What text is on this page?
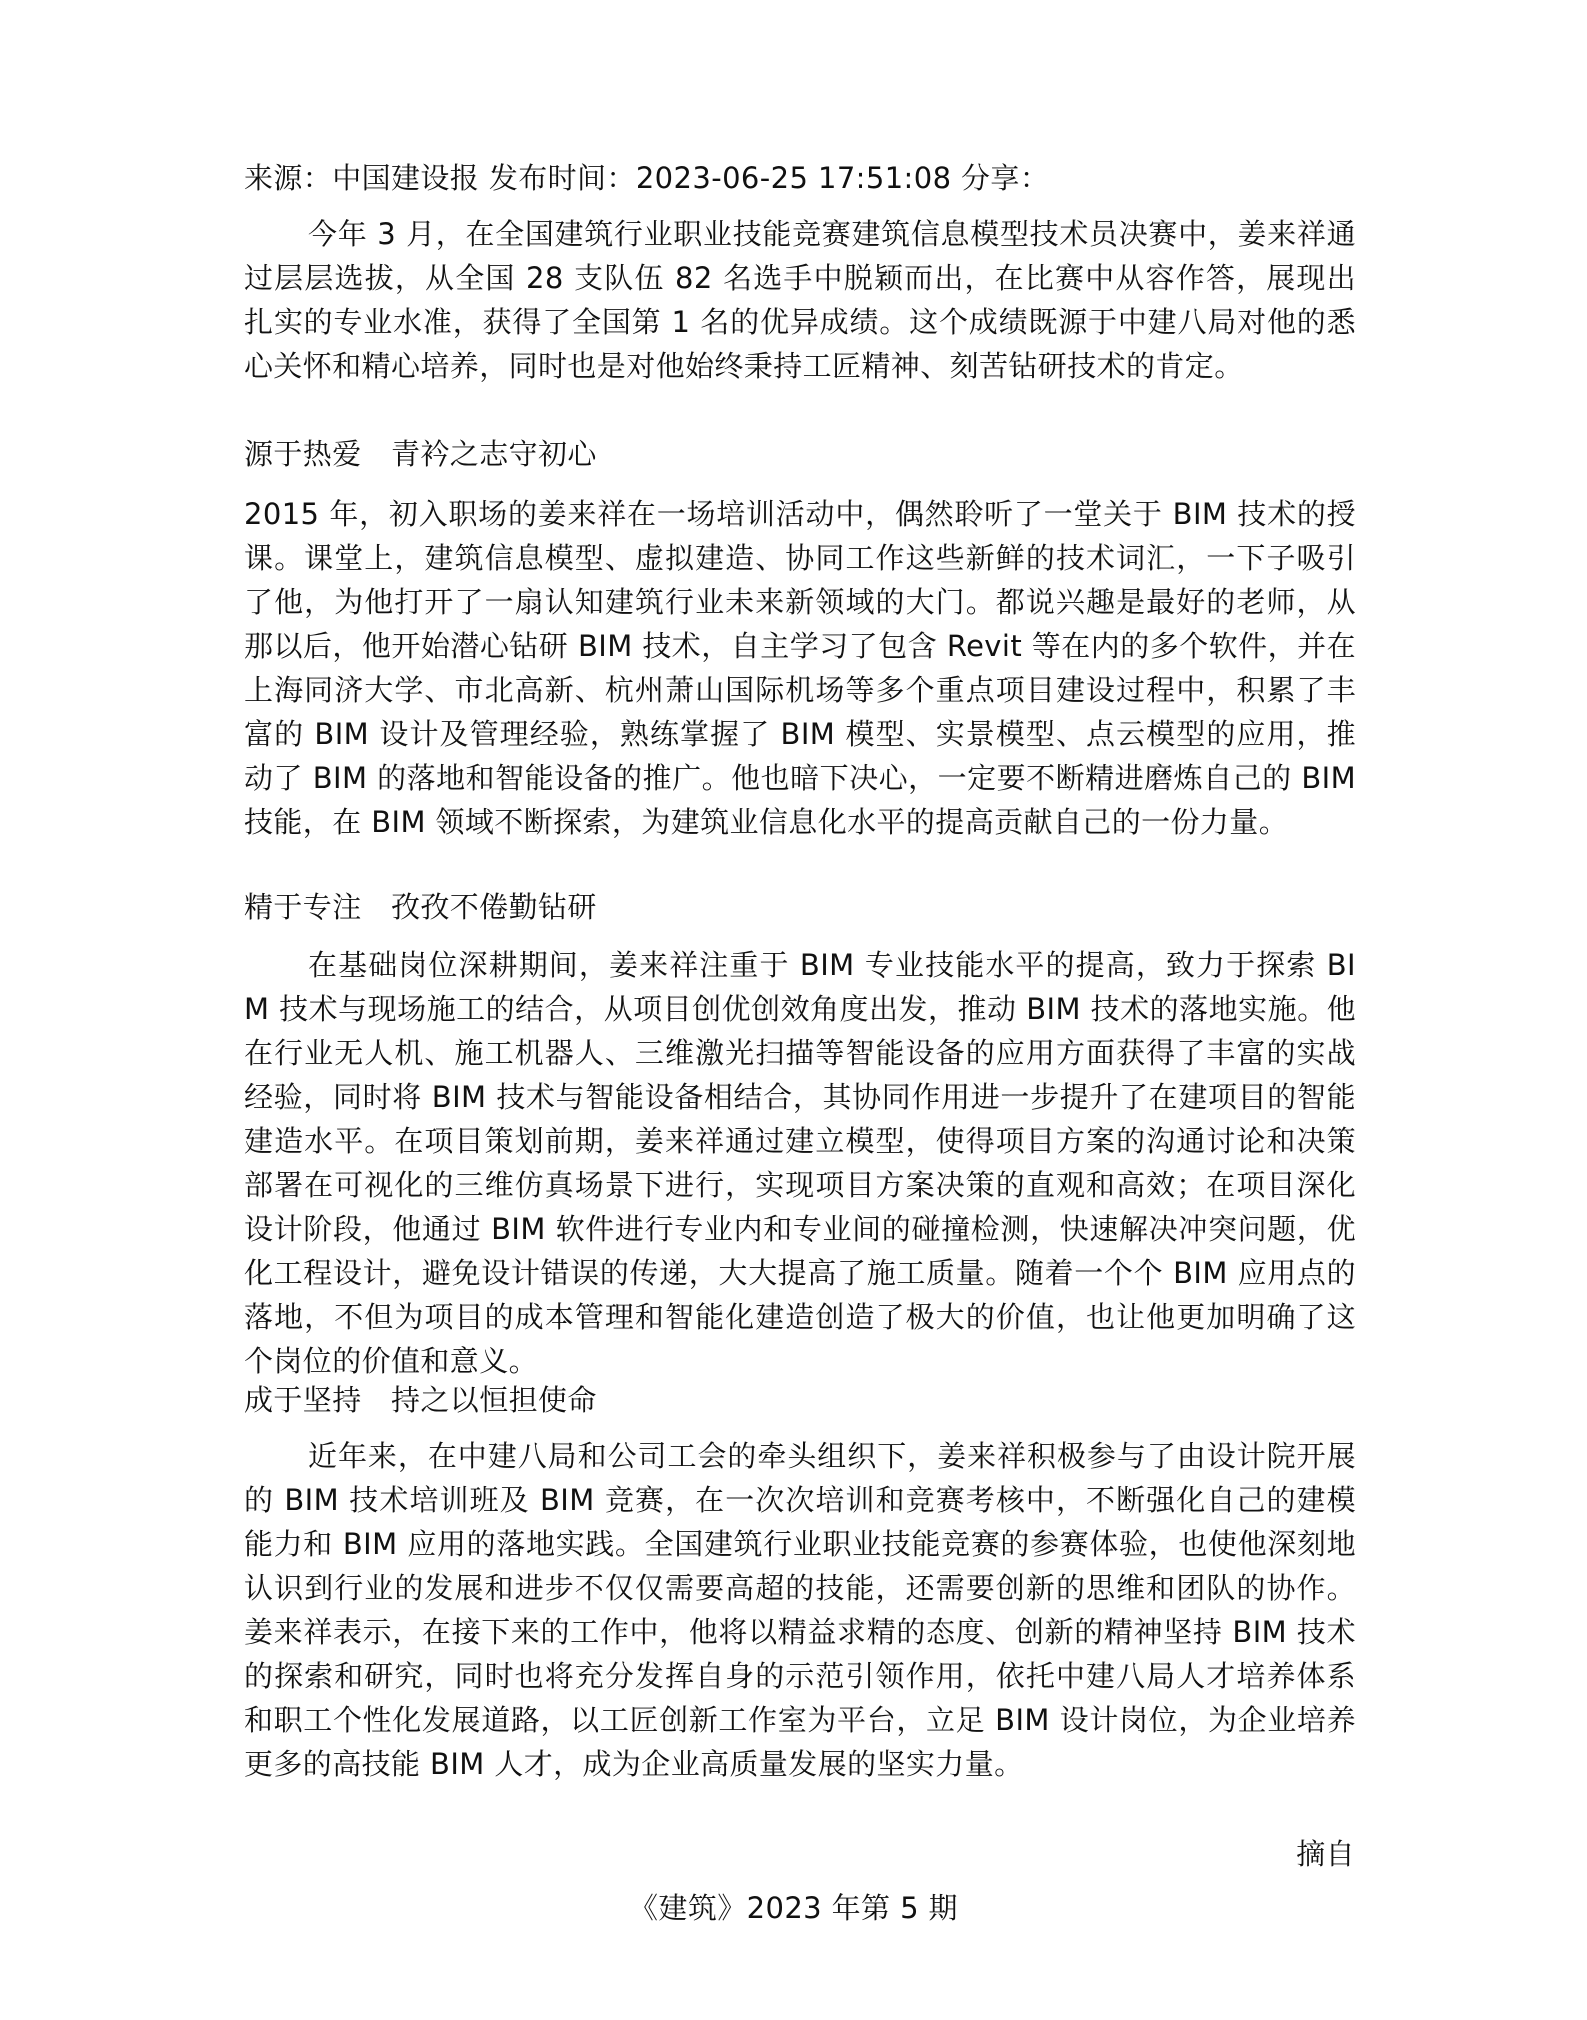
来源：中国建设报 发布时间：2023-06-25 17:51:08 分享：

今年 3 月，在全国建筑行业职业技能竞赛建筑信息模型技术员决赛中，姜来祥通过层层选拔，从全国 28 支队伍 82 名选手中脱颖而出，在比赛中从容作答，展现出扎实的专业水准，获得了全国第 1 名的优异成绩。这个成绩既源于中建八局对他的悉心关怀和精心培养，同时也是对他始终秉持工匠精神、刻苦钻研技术的肯定。

源于热爱　青衿之志守初心

2015 年，初入职场的姜来祥在一场培训活动中，偶然聆听了一堂关于 BIM 技术的授课。课堂上，建筑信息模型、虚拟建造、协同工作这些新鲜的技术词汇，一下子吸引了他，为他打开了一扇认知建筑行业未来新领域的大门。都说兴趣是最好的老师，从那以后，他开始潜心钻研 BIM 技术，自主学习了包含 Revit 等在内的多个软件，并在上海同济大学、市北高新、杭州萧山国际机场等多个重点项目建设过程中，积累了丰富的 BIM 设计及管理经验，熟练掌握了 BIM 模型、实景模型、点云模型的应用，推动了 BIM 的落地和智能设备的推广。他也暗下决心，一定要不断精进磨炼自己的 BIM 技能，在 BIM 领域不断探索，为建筑业信息化水平的提高贡献自己的一份力量。

精于专注　孜孜不倦勤钻研

在基础岗位深耕期间，姜来祥注重于 BIM 专业技能水平的提高，致力于探索 BIM 技术与现场施工的结合，从项目创优创效角度出发，推动 BIM 技术的落地实施。他在行业无人机、施工机器人、三维激光扫描等智能设备的应用方面获得了丰富的实战经验，同时将 BIM 技术与智能设备相结合，其协同作用进一步提升了在建项目的智能建造水平。在项目策划前期，姜来祥通过建立模型，使得项目方案的沟通讨论和决策部署在可视化的三维仿真场景下进行，实现项目方案决策的直观和高效；在项目深化设计阶段，他通过 BIM 软件进行专业内和专业间的碰撞检测，快速解决冲突问题，优化工程设计，避免设计错误的传递，大大提高了施工质量。随着一个个 BIM 应用点的落地，不但为项目的成本管理和智能化建造创造了极大的价值，也让他更加明确了这个岗位的价值和意义。

成于坚持　持之以恒担使命

近年来，在中建八局和公司工会的牵头组织下，姜来祥积极参与了由设计院开展的 BIM 技术培训班及 BIM 竞赛，在一次次培训和竞赛考核中，不断强化自己的建模能力和 BIM 应用的落地实践。全国建筑行业职业技能竞赛的参赛体验，也使他深刻地认识到行业的发展和进步不仅仅需要高超的技能，还需要创新的思维和团队的协作。姜来祥表示，在接下来的工作中，他将以精益求精的态度、创新的精神坚持 BIM 技术的探索和研究，同时也将充分发挥自身的示范引领作用，依托中建八局人才培养体系和职工个性化发展道路，以工匠创新工作室为平台，立足 BIM 设计岗位，为企业培养更多的高技能 BIM 人才，成为企业高质量发展的坚实力量。

摘自

《建筑》2023 年第 5 期
